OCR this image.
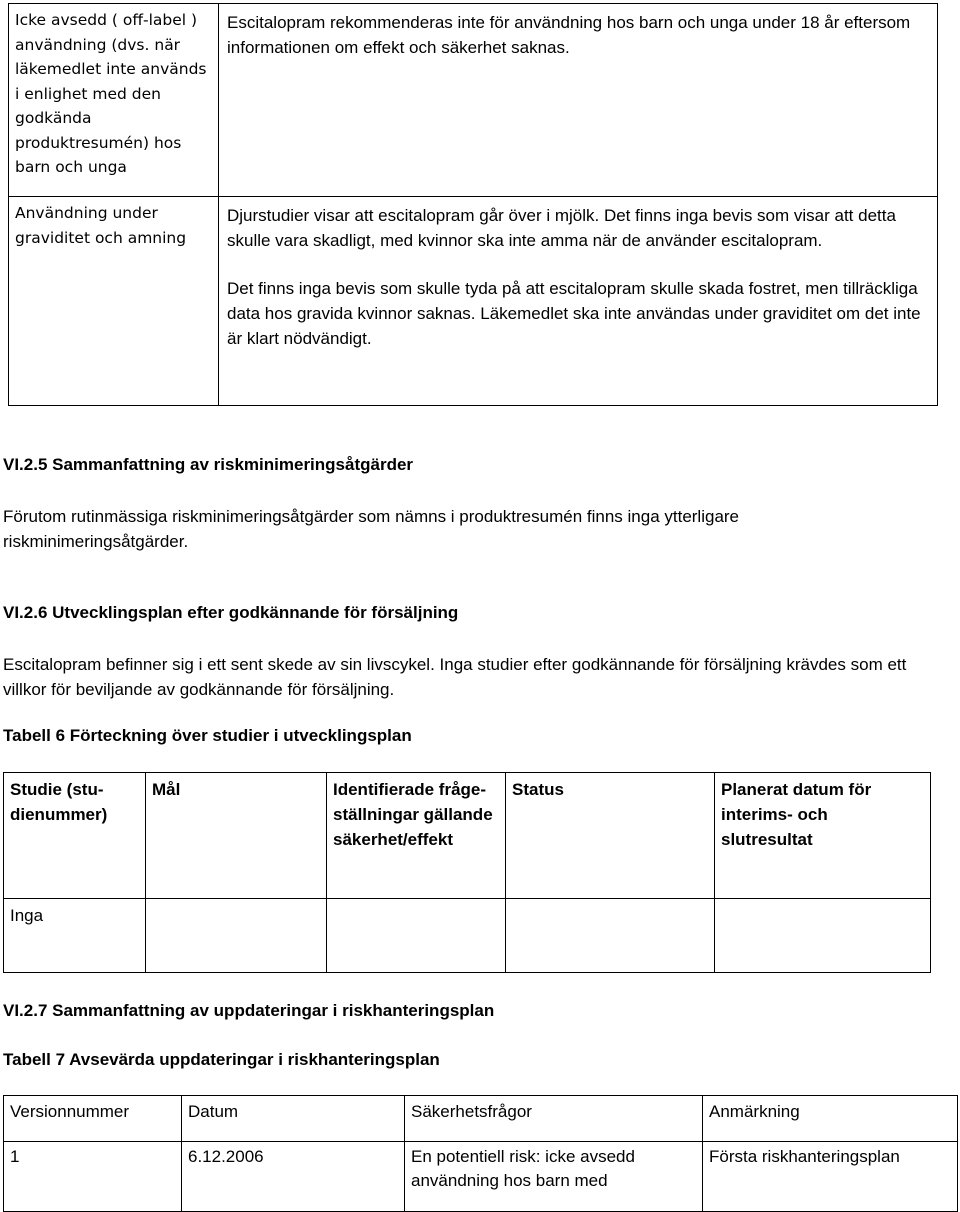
Icke avsedd ( off-label ) användning (dvs. när läkemedlet inte används i enlighet med den godkända produktresumén) hos barn och unga	Escitalopram rekommenderas inte för användning hos barn och unga under 18 år eftersom informationen om effekt och säkerhet saknas.

Användning under graviditet och amning	Djurstudier visar att escitalopram går över i mjölk. Det finns inga bevis som visar att detta skulle vara skadligt, med kvinnor ska inte amma när de använder escitalopram.

Det finns inga bevis som skulle tyda på att escitalopram skulle skada fostret, men tillräckliga data hos gravida kvinnor saknas. Läkemedlet ska inte användas under graviditet om det inte är klart nödvändigt.

VI.2.5 Sammanfattning av riskminimeringsåtgärder
Förutom rutinmässiga riskminimeringsåtgärder som nämns i produktresumén finns inga ytterligare riskminimeringsåtgärder.
VI.2.6 Utvecklingsplan efter godkännande för försäljning
Escitalopram befinner sig i ett sent skede av sin livscykel. Inga studier efter godkännande för försäljning krävdes som ett villkor för beviljande av godkännande för försäljning.
Tabell 6 Förteckning över studier i utvecklingsplan
Studie (stu-dienummer)	Mål	Identifierade fråge- ställningar gällande säkerhet/effekt	Status	Planerat datum för interims- och slutresultat
Inga				
VI.2.7 Sammanfattning av uppdateringar i riskhanteringsplan
Tabell 7 Avsevärda uppdateringar i riskhanteringsplan
Versionnummer	Datum	Säkerhetsfrågor	Anmärkning
1	6.12.2006	En potentiell risk: icke avsedd användning hos barn med	Första riskhanteringsplan
